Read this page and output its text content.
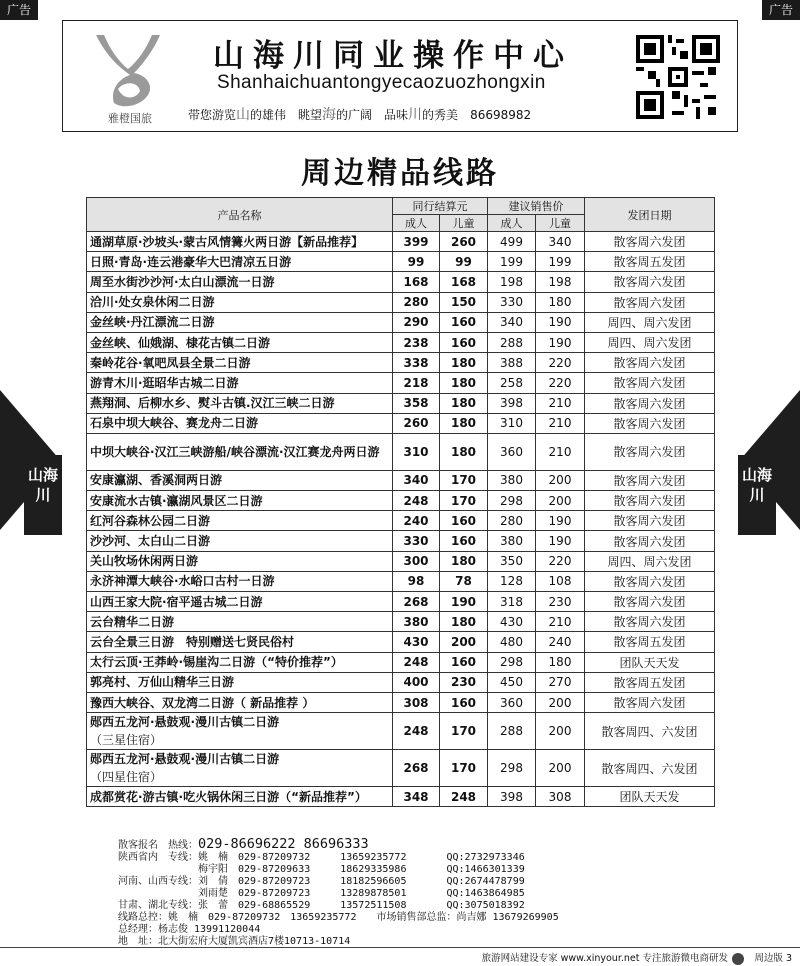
广告	广告
雅橙国旅
山海川同业操作中心
Shanhaichuantongyecaozuozhongxin
带您游览山的雄伟　眺望海的广阔　品味川的秀美　 86698982
周边精品线路
山海川
山海川
产品名称	同行结算元		建议销售价		发团日期
	成人	儿童	成人	儿童	
通湖草原·沙坡头·蒙古风情篝火两日游【新品推荐】	399	260	499	340	散客周六发团
日照·青岛·连云港豪华大巴清凉五日游	99	99	199	199	散客周五发团
周至水街沙沙河·太白山漂流一日游	168	168	198	198	散客周六发团
洽川·处女泉休闲二日游	280	150	330	180	散客周六发团
金丝峡·丹江漂流二日游	290	160	340	190	周四、周六发团
金丝峡、仙娥湖、棣花古镇二日游	238	160	288	190	周四、周六发团
秦岭花谷·氧吧凤县全景二日游	338	180	388	220	散客周六发团
游青木川·逛昭华古城二日游	218	180	258	220	散客周六发团
燕翔洞、后柳水乡、熨斗古镇.汉江三峡二日游	358	180	398	210	散客周六发团
石泉中坝大峡谷、赛龙舟二日游	260	180	310	210	散客周六发团
中坝大峡谷·汉江三峡游船/峡谷漂流·汉江赛龙舟两日游	310	180	360	210	散客周六发团
安康瀛湖、香溪洞两日游	340	170	380	200	散客周六发团
安康流水古镇·瀛湖风景区二日游	248	170	298	200	散客周六发团
红河谷森林公园二日游	240	160	280	190	散客周六发团
沙沙河、太白山二日游	330	160	380	190	散客周六发团
关山牧场休闲两日游	300	180	350	220	周四、周六发团
永济神潭大峡谷·水峪口古村一日游	98	78	128	108	散客周六发团
山西王家大院·宿平遥古城二日游	268	190	318	230	散客周六发团
云台精华二日游	380	180	430	210	散客周六发团
云台全景三日游　特别赠送七贤民俗村	430	200	480	240	散客周五发团
太行云顶·王莽岭·锡崖沟二日游（“特价推荐”）	248	160	298	180	团队天天发
郭亮村、万仙山精华三日游	400	230	450	270	散客周五发团
豫西大峡谷、双龙湾二日游（ 新品推荐 ）	308	160	360	200	散客周六发团
郧西五龙河·悬鼓观·漫川古镇二日游
（三星住宿）	248	170	288	200	散客周四、六发团
郧西五龙河·悬鼓观·漫川古镇二日游
（四星住宿）	268	170	298	200	散客周四、六发团
成都赏花·游古镇·吃火锅休闲三日游（“新品推荐”）	348	248	398	308	团队天天发
散客报名　热线：029-86696222 86696333
陕西省内　专线：姚　楠　029-87209732　　　13659235772　　　　QQ:2732973346
　　　　　　　　梅宇阳　029-87209633　　　18629335986　　　　QQ:1466301339
河南、山西专线：刘　倩　029-87209723　　　18182596605　　　　QQ:2674478799
　　　　　　　　刘雨楚　029-87209723　　　13289878501　　　　QQ:1463864985
甘肃、湖北专线：张　蕾　029-68865529　　　13572511508　　　　QQ:3075018392
线路总控：姚　楠　029-87209732　13659235772　　市场销售部总监：尚吉娜 13679269905
总经理：杨志俊 13991120044
地　址：北大街宏府大厦凯宾酒店7楼10713-10714
旅游网站建设专家 www.xinyour.net 专注旅游微电商研发	周边版 3
